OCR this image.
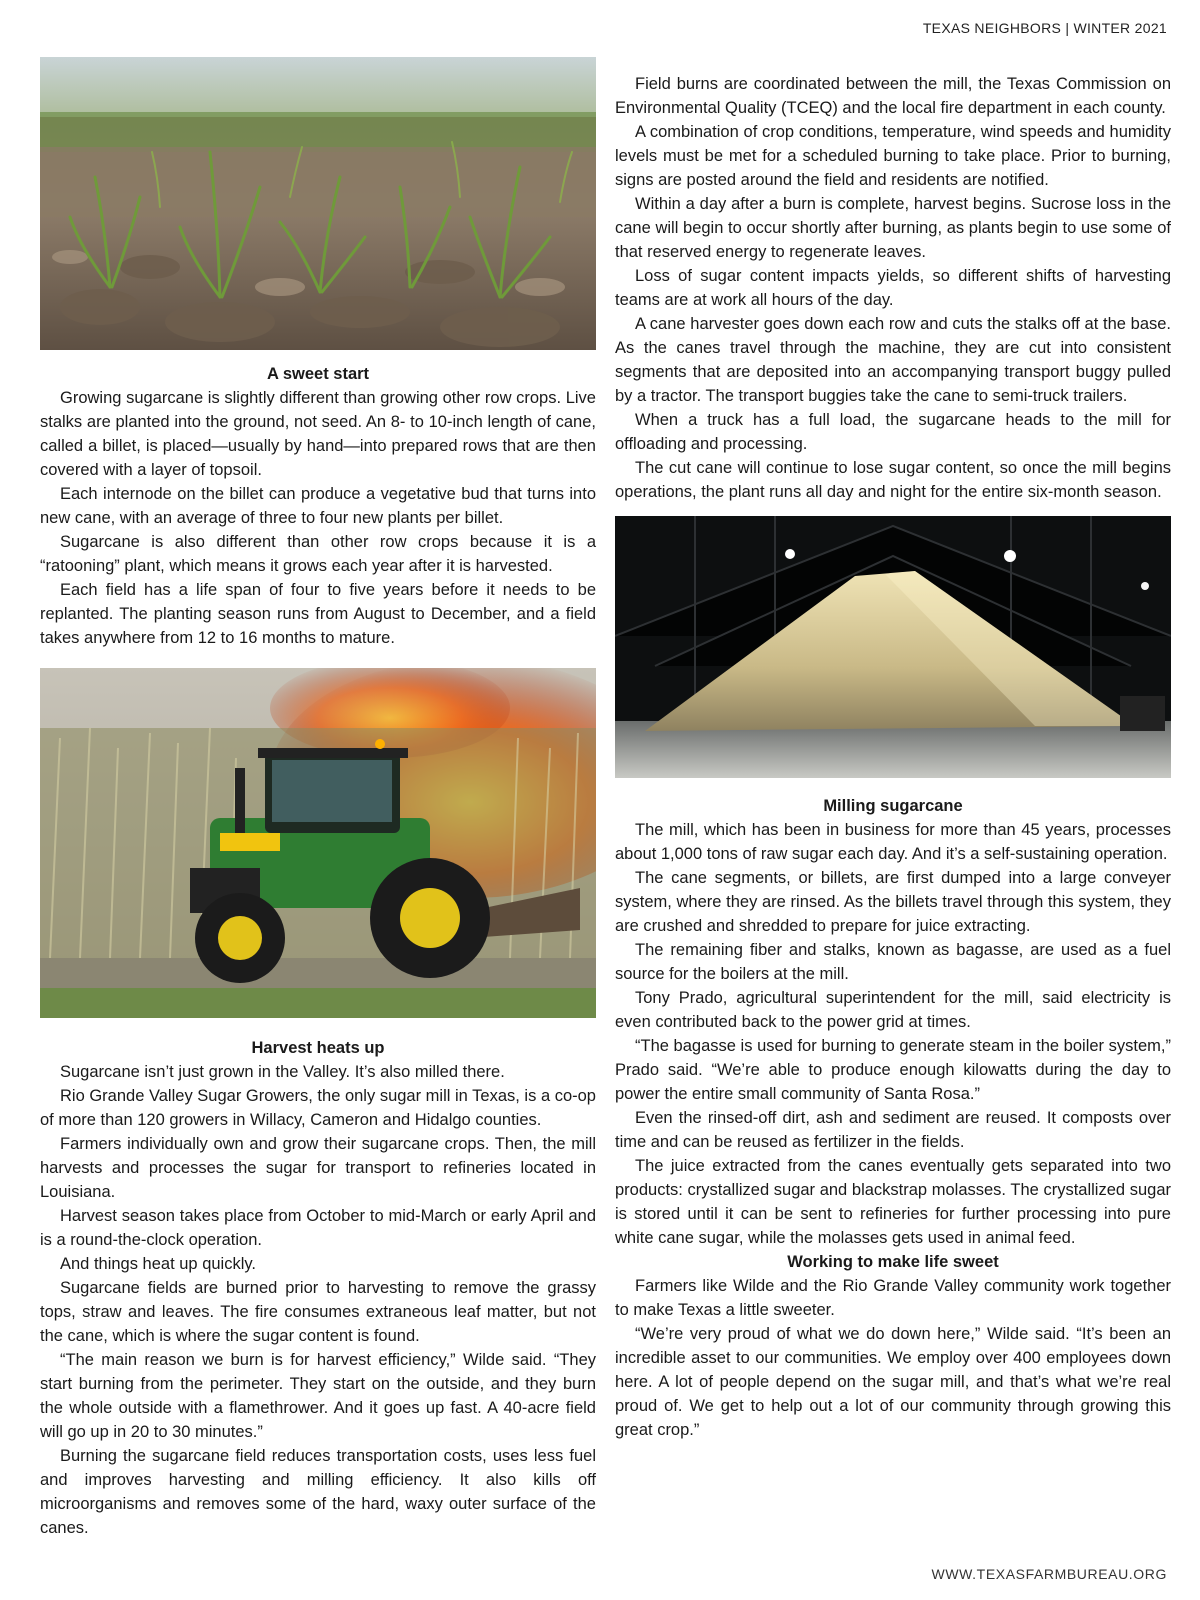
TEXAS NEIGHBORS | WINTER 2021
A sweet start

Growing sugarcane is slightly different than growing other row crops. Live stalks are planted into the ground, not seed. An 8- to 10-inch length of cane, called a billet, is placed—usually by hand—into prepared rows that are then covered with a layer of topsoil.

Each internode on the billet can produce a vegetative bud that turns into new cane, with an average of three to four new plants per billet.

Sugarcane is also different than other row crops because it is a “ratooning” plant, which means it grows each year after it is harvested.

Each field has a life span of four to five years before it needs to be replanted. The planting season runs from August to December, and a field takes anywhere from 12 to 16 months to mature.

Harvest heats up

Sugarcane isn’t just grown in the Valley. It’s also milled there.

Rio Grande Valley Sugar Growers, the only sugar mill in Texas, is a co-op of more than 120 growers in Willacy, Cameron and Hidalgo counties.

Farmers individually own and grow their sugarcane crops. Then, the mill harvests and processes the sugar for transport to refineries located in Louisiana.

Harvest season takes place from October to mid-March or early April and is a round-the-clock operation.

And things heat up quickly.

Sugarcane fields are burned prior to harvesting to remove the grassy tops, straw and leaves. The fire consumes extraneous leaf matter, but not the cane, which is where the sugar content is found.

“The main reason we burn is for harvest efficiency,” Wilde said. “They start burning from the perimeter. They start on the outside, and they burn the whole outside with a flamethrower. And it goes up fast. A 40-acre field will go up in 20 to 30 minutes.”

Burning the sugarcane field reduces transportation costs, uses less fuel and improves harvesting and milling efficiency. It also kills off microorganisms and removes some of the hard, waxy outer surface of the canes.

Field burns are coordinated between the mill, the Texas Commission on Environmental Quality (TCEQ) and the local fire department in each county.

A combination of crop conditions, temperature, wind speeds and humidity levels must be met for a scheduled burning to take place. Prior to burning, signs are posted around the field and residents are notified.

Within a day after a burn is complete, harvest begins. Sucrose loss in the cane will begin to occur shortly after burning, as plants begin to use some of that reserved energy to regenerate leaves.

Loss of sugar content impacts yields, so different shifts of harvesting teams are at work all hours of the day.

A cane harvester goes down each row and cuts the stalks off at the base. As the canes travel through the machine, they are cut into consistent segments that are deposited into an accompanying transport buggy pulled by a tractor. The transport buggies take the cane to semi-truck trailers.

When a truck has a full load, the sugarcane heads to the mill for offloading and processing.

The cut cane will continue to lose sugar content, so once the mill begins operations, the plant runs all day and night for the entire six-month season.

Milling sugarcane

The mill, which has been in business for more than 45 years, processes about 1,000 tons of raw sugar each day. And it’s a self-sustaining operation.

The cane segments, or billets, are first dumped into a large conveyer system, where they are rinsed. As the billets travel through this system, they are crushed and shredded to prepare for juice extracting.

The remaining fiber and stalks, known as bagasse, are used as a fuel source for the boilers at the mill.

Tony Prado, agricultural superintendent for the mill, said electricity is even contributed back to the power grid at times.

“The bagasse is used for burning to generate steam in the boiler system,” Prado said. “We’re able to produce enough kilowatts during the day to power the entire small community of Santa Rosa.”

Even the rinsed-off dirt, ash and sediment are reused. It composts over time and can be reused as fertilizer in the fields.

The juice extracted from the canes eventually gets separated into two products: crystallized sugar and blackstrap molasses. The crystallized sugar is stored until it can be sent to refineries for further processing into pure white cane sugar, while the molasses gets used in animal feed.

Working to make life sweet

Farmers like Wilde and the Rio Grande Valley community work together to make Texas a little sweeter.

“We’re very proud of what we do down here,” Wilde said. “It’s been an incredible asset to our communities. We employ over 400 employees down here. A lot of people depend on the sugar mill, and that’s what we’re real proud of. We get to help out a lot of our community through growing this great crop.”

WWW.TEXASFARMBUREAU.ORG
